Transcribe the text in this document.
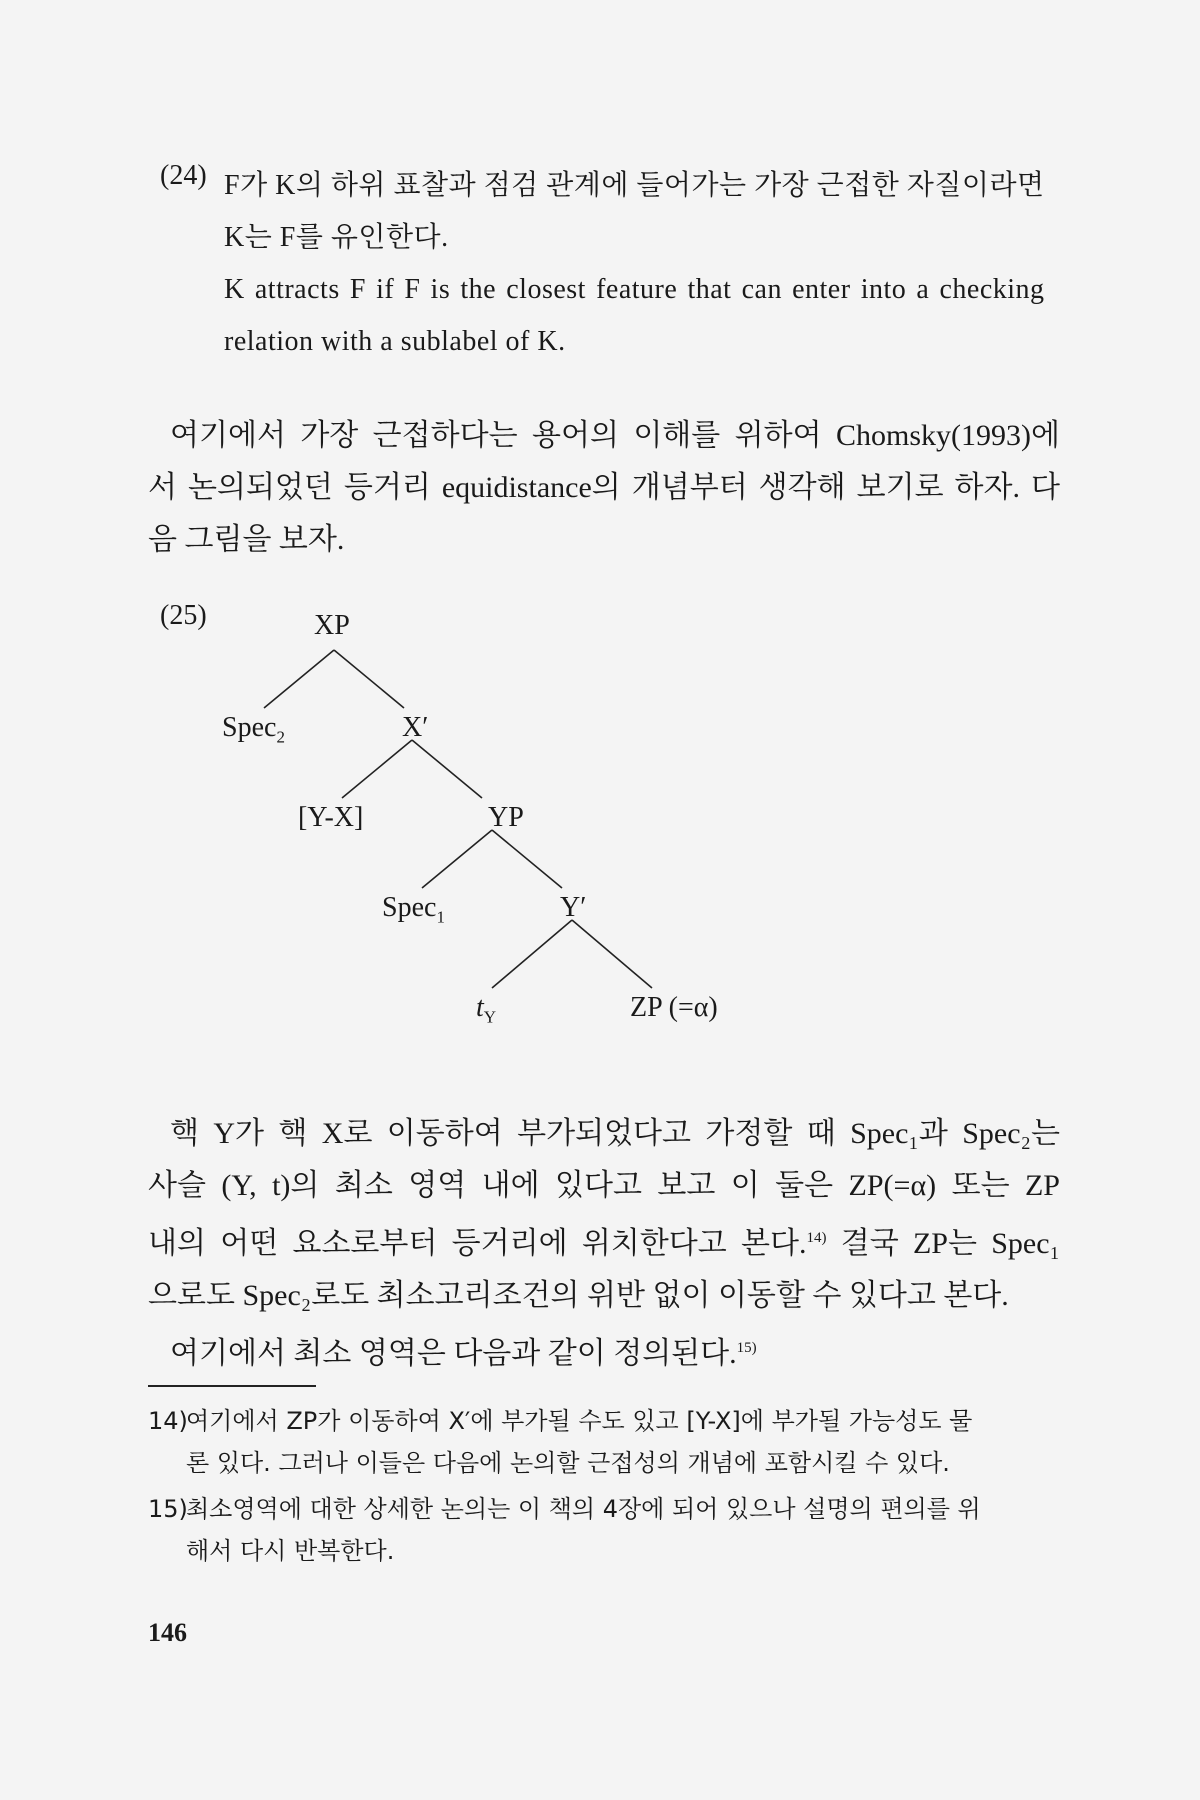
(24) F가 K의 하위 표찰과 점검 관계에 들어가는 가장 근접한 자질이라면
K는 F를 유인한다.
K attracts F if F is the closest feature that can enter into a checking
relation with a sublabel of K.
여기에서 가장 근접하다는 용어의 이해를 위하여 Chomsky(1993)에
서 논의되었던 등거리 equidistance의 개념부터 생각해 보기로 하자. 다
음 그림을 보자.
(25)	XP
Spec$_2$	X′
[Y-X]	YP
Spec$_1$	Y′
$t_Y$	ZP (=α)
핵 Y가 핵 X로 이동하여 부가되었다고 가정할 때 Spec₁과 Spec₂는
사슬 (Y, t)의 최소 영역 내에 있다고 보고 이 둘은 ZP(=α) 또는 ZP
내의 어떤 요소로부터 등거리에 위치한다고 본다.$^{14)}$ 결국 ZP는 Spec₁
으로도 Spec₂로도 최소고리조건의 위반 없이 이동할 수 있다고 본다.
여기에서 최소 영역은 다음과 같이 정의된다.$^{15)}$
14)
여기에서 ZP가 이동하여 X′에 부가될 수도 있고 [Y-X]에 부가될 가능성도 물
론 있다. 그러나 이들은 다음에 논의할 근접성의 개념에 포함시킬 수 있다.
15)
최소영역에 대한 상세한 논의는 이 책의 4장에 되어 있으나 설명의 편의를 위
해서 다시 반복한다.
146
